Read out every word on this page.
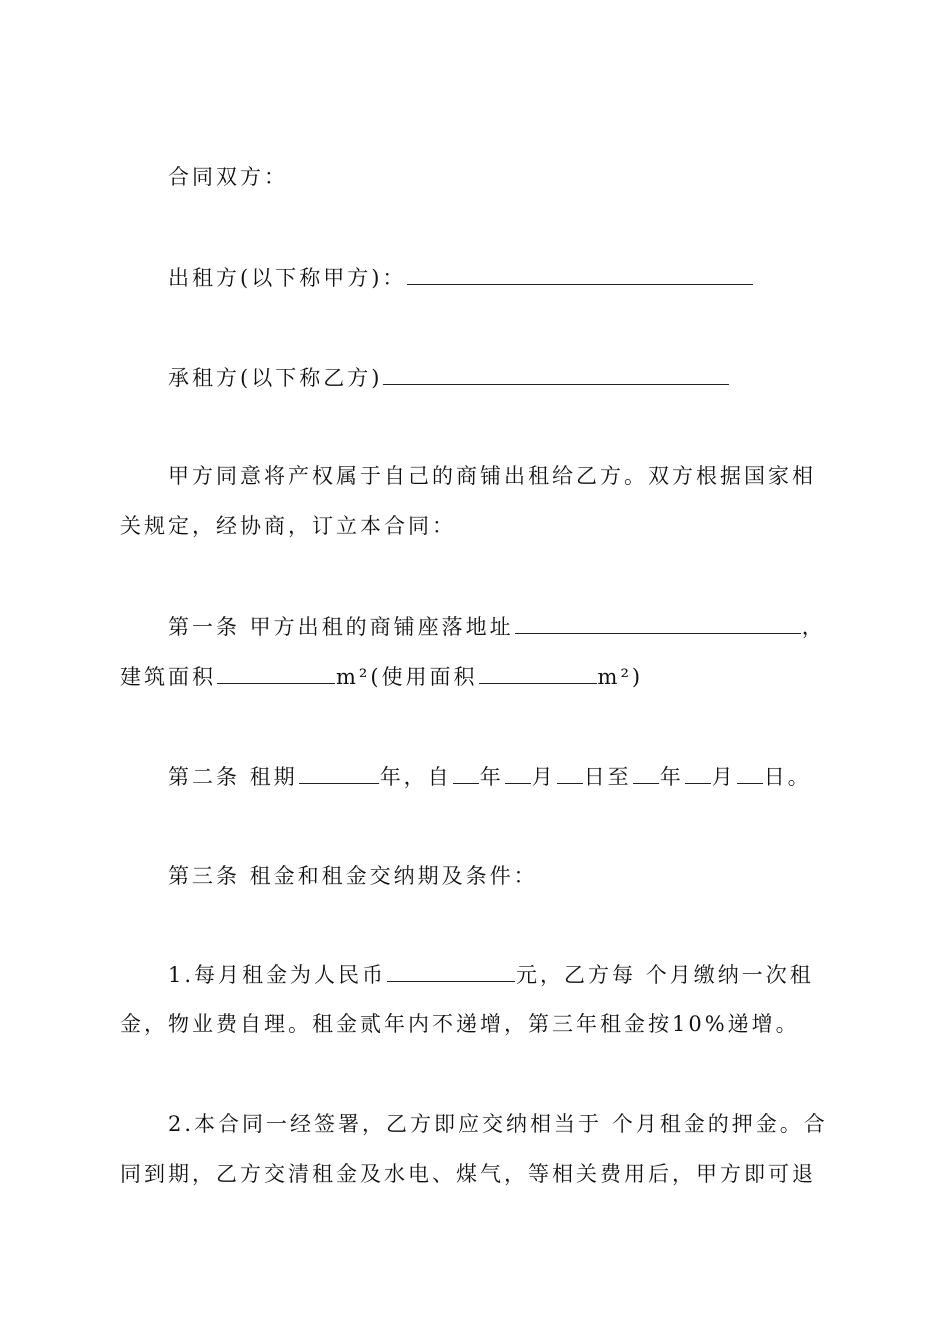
合同双方：
出租方(以下称甲方)：
承租方(以下称乙方)
甲方同意将产权属于自己的商铺出租给乙方。双方根据国家相
关规定，经协商，订立本合同：
第一条 甲方出租的商铺座落地址	，
建筑面积	m²(使用面积	m²)
第二条 租期	年，自 年 月 日至 年 月 日。
第三条 租金和租金交纳期及条件：
1.每月租金为人民币	元，乙方每 个月缴纳一次租
金，物业费自理。租金贰年内不递增，第三年租金按10%递增。
2.本合同一经签署，乙方即应交纳相当于 个月租金的押金。合
同到期，乙方交清租金及水电、煤气，等相关费用后，甲方即可退
